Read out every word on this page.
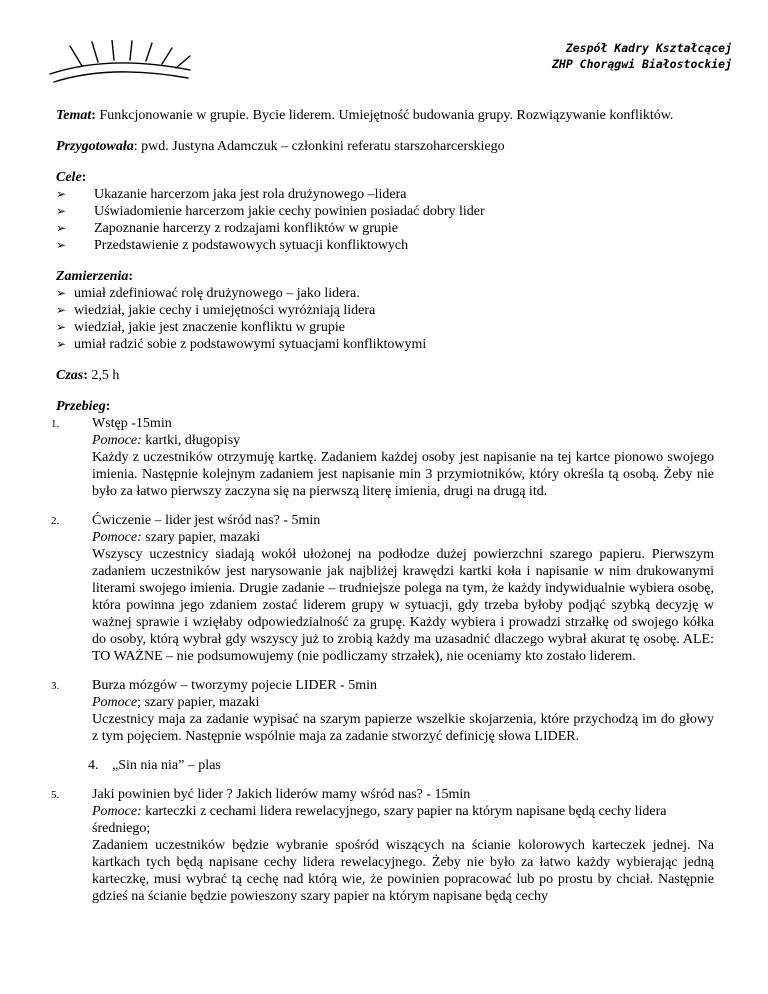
Zespół Kadry Kształcącej
ZHP Chorągwi Białostockiej

Temat: Funkcjonowanie w grupie. Bycie liderem. Umiejętność budowania grupy. Rozwiązywanie konfliktów.

Przygotowała: pwd. Justyna Adamczuk – członkini referatu starszoharcerskiego

Cele:

➢ Ukazanie harcerzom jaka jest rola drużynowego –lidera
➢ Uświadomienie harcerzom jakie cechy powinien posiadać dobry lider
➢ Zapoznanie harcerzy z rodzajami konfliktów w grupie
➢ Przedstawienie z podstawowych sytuacji konfliktowych

Zamierzenia:

➢ umiał zdefiniować rolę drużynowego – jako lidera.
➢ wiedział, jakie cechy i umiejętności wyróżniają lidera
➢ wiedział, jakie jest znaczenie konfliktu w grupie
➢ umiał radzić sobie z podstawowymi sytuacjami konfliktowymi

Czas: 2,5 h

Przebieg:

1. Wstęp -15min

Pomoce: kartki, długopisy

Każdy z uczestników otrzymuję kartkę. Zadaniem każdej osoby jest napisanie na tej kartce pionowo swojego imienia. Następnie kolejnym zadaniem jest napisanie min 3 przymiotników, który określa tą osobą. Żeby nie było za łatwo pierwszy zaczyna się na pierwszą literę imienia, drugi na drugą itd.

2. Ćwiczenie – lider jest wśród nas? - 5min

Pomoce: szary papier, mazaki

Wszyscy uczestnicy siadają wokół ułożonej na podłodze dużej powierzchni szarego papieru. Pierwszym zadaniem uczestników jest narysowanie jak najbliżej krawędzi kartki koła i napisanie w nim drukowanymi literami swojego imienia. Drugie zadanie – trudniejsze polega na tym, że każdy indywidualnie wybiera osobę, która powinna jego zdaniem zostać liderem grupy w sytuacji, gdy trzeba byłoby podjąć szybką decyzję w ważnej sprawie i wzięłaby odpowiedzialność za grupę. Każdy wybiera i prowadzi strzałkę od swojego kółka do osoby, którą wybrał gdy wszyscy już to zrobią każdy ma uzasadnić dlaczego wybrał akurat tę osobę. ALE: TO WAŻNE – nie podsumowujemy (nie podliczamy strzałek), nie oceniamy kto zostało liderem.

3. Burza mózgów – tworzymy pojecie LIDER - 5min

Pomoce; szary papier, mazaki

Uczestnicy maja za zadanie wypisać na szarym papierze wszelkie skojarzenia, które przychodzą im do głowy z tym pojęciem. Następnie wspólnie maja za zadanie stworzyć definicję słowa LIDER.

4. „Sin nia nia” – plas

5. Jaki powinien być lider ? Jakich liderów mamy wśród nas? - 15min

Pomoce: karteczki z cechami lidera rewelacyjnego, szary papier na którym napisane będą cechy lidera średniego;

Zadaniem uczestników będzie wybranie spośród wiszących na ścianie kolorowych karteczek jednej. Na kartkach tych będą napisane cechy lidera rewelacyjnego. Żeby nie było za łatwo każdy wybierając jedną karteczkę, musi wybrać tą cechę nad którą wie, że powinien popracować lub po prostu by chciał. Następnie gdzieś na ścianie będzie powieszony szary papier na którym napisane będą cechy
